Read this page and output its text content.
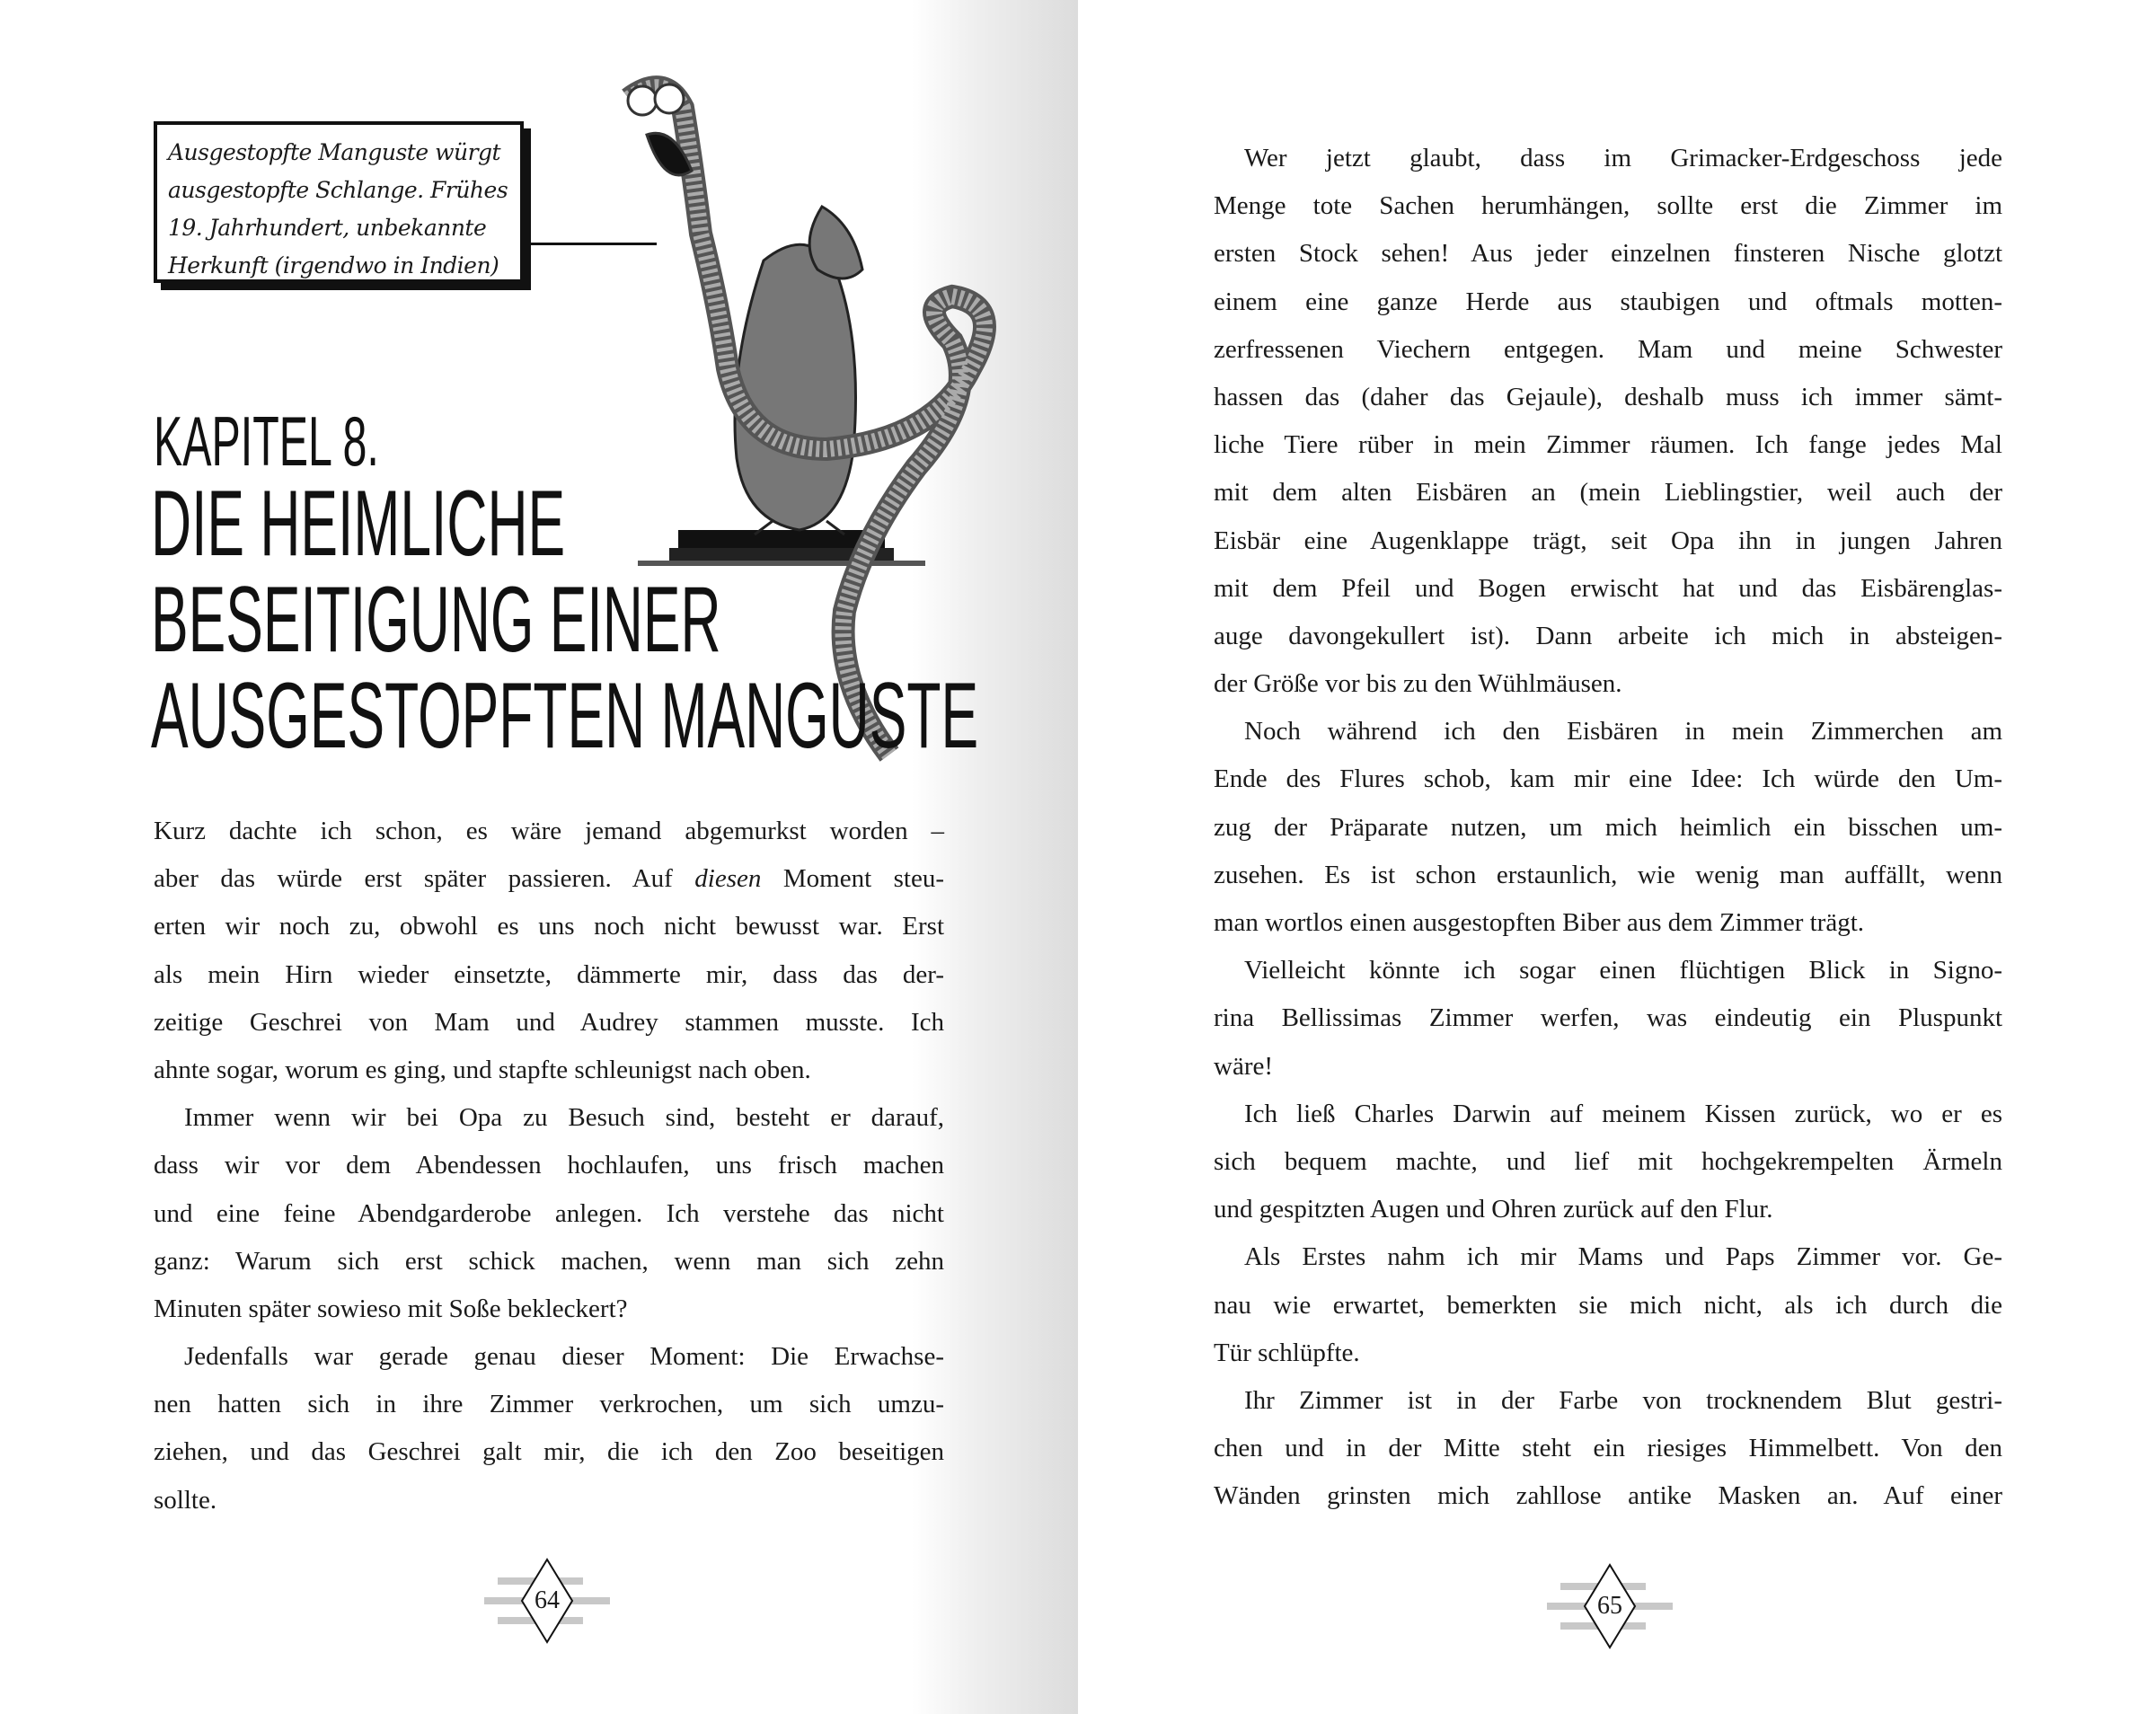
Ausgestopfte Manguste würgt
ausgestopfte Schlange. Frühes
19. Jahrhundert, unbekannte
Herkunft (irgendwo in Indien)
KAPITEL 8.
DIE HEIMLICHE
BESEITIGUNG EINER
AUSGESTOPFTEN MANGUSTE
Kurz dachte ich schon, es wäre jemand abgemurkst worden –
aber das würde erst später passieren. Auf diesen Moment steu-
erten wir noch zu, obwohl es uns noch nicht bewusst war. Erst
als mein Hirn wieder einsetzte, dämmerte mir, dass das der-
zeitige Geschrei von Mam und Audrey stammen musste. Ich
ahnte sogar, worum es ging, und stapfte schleunigst nach oben.
Immer wenn wir bei Opa zu Besuch sind, besteht er darauf,
dass wir vor dem Abendessen hochlaufen, uns frisch machen
und eine feine Abendgarderobe anlegen. Ich verstehe das nicht
ganz: Warum sich erst schick machen, wenn man sich zehn
Minuten später sowieso mit Soße bekleckert?
Jedenfalls war gerade genau dieser Moment: Die Erwachse-
nen hatten sich in ihre Zimmer verkrochen, um sich umzu-
ziehen, und das Geschrei galt mir, die ich den Zoo beseitigen
sollte.
64
Wer jetzt glaubt, dass im Grimacker-Erdgeschoss jede
Menge tote Sachen herumhängen, sollte erst die Zimmer im
ersten Stock sehen! Aus jeder einzelnen finsteren Nische glotzt
einem eine ganze Herde aus staubigen und oftmals motten-
zerfressenen Viechern entgegen. Mam und meine Schwester
hassen das (daher das Gejaule), deshalb muss ich immer sämt-
liche Tiere rüber in mein Zimmer räumen. Ich fange jedes Mal
mit dem alten Eisbären an (mein Lieblingstier, weil auch der
Eisbär eine Augenklappe trägt, seit Opa ihn in jungen Jahren
mit dem Pfeil und Bogen erwischt hat und das Eisbärenglas-
auge davongekullert ist). Dann arbeite ich mich in absteigen-
der Größe vor bis zu den Wühlmäusen.
Noch während ich den Eisbären in mein Zimmerchen am
Ende des Flures schob, kam mir eine Idee: Ich würde den Um-
zug der Präparate nutzen, um mich heimlich ein bisschen um-
zusehen. Es ist schon erstaunlich, wie wenig man auffällt, wenn
man wortlos einen ausgestopften Biber aus dem Zimmer trägt.
Vielleicht könnte ich sogar einen flüchtigen Blick in Signo-
rina Bellissimas Zimmer werfen, was eindeutig ein Pluspunkt
wäre!
Ich ließ Charles Darwin auf meinem Kissen zurück, wo er es
sich bequem machte, und lief mit hochgekrempelten Ärmeln
und gespitzten Augen und Ohren zurück auf den Flur.
Als Erstes nahm ich mir Mams und Paps Zimmer vor. Ge-
nau wie erwartet, bemerkten sie mich nicht, als ich durch die
Tür schlüpfte.
Ihr Zimmer ist in der Farbe von trocknendem Blut gestri-
chen und in der Mitte steht ein riesiges Himmelbett. Von den
Wänden grinsten mich zahllose antike Masken an. Auf einer
65
